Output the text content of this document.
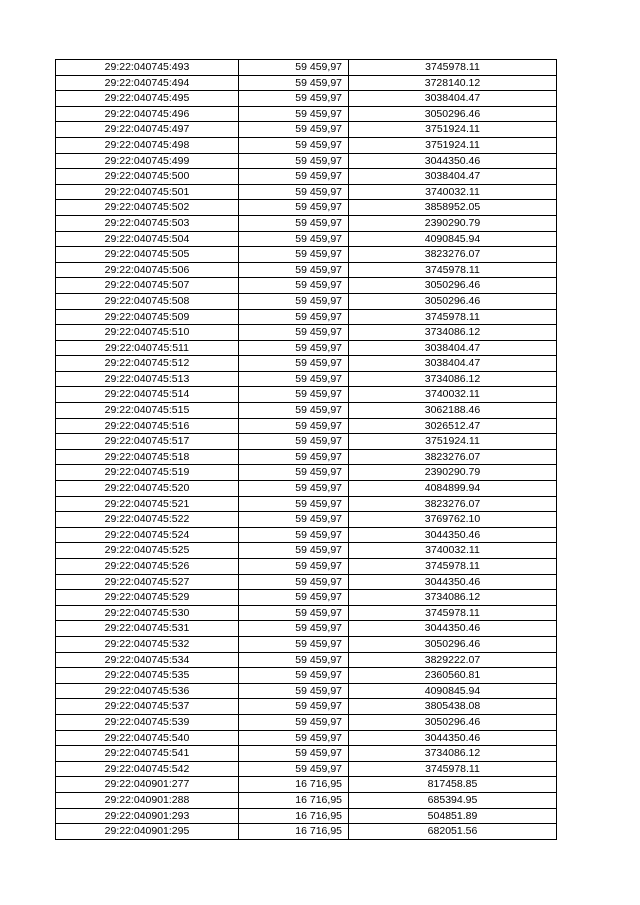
29:22:040745:493	59 459,97	3745978.11
29:22:040745:494	59 459,97	3728140.12
29:22:040745:495	59 459,97	3038404.47
29:22:040745:496	59 459,97	3050296.46
29:22:040745:497	59 459,97	3751924.11
29:22:040745:498	59 459,97	3751924.11
29:22:040745:499	59 459,97	3044350.46
29:22:040745:500	59 459,97	3038404.47
29:22:040745:501	59 459,97	3740032.11
29:22:040745:502	59 459,97	3858952.05
29:22:040745:503	59 459,97	2390290.79
29:22:040745:504	59 459,97	4090845.94
29:22:040745:505	59 459,97	3823276.07
29:22:040745:506	59 459,97	3745978.11
29:22:040745:507	59 459,97	3050296.46
29:22:040745:508	59 459,97	3050296.46
29:22:040745:509	59 459,97	3745978.11
29:22:040745:510	59 459,97	3734086.12
29:22:040745:511	59 459,97	3038404.47
29:22:040745:512	59 459,97	3038404.47
29:22:040745:513	59 459,97	3734086.12
29:22:040745:514	59 459,97	3740032.11
29:22:040745:515	59 459,97	3062188.46
29:22:040745:516	59 459,97	3026512.47
29:22:040745:517	59 459,97	3751924.11
29:22:040745:518	59 459,97	3823276.07
29:22:040745:519	59 459,97	2390290.79
29:22:040745:520	59 459,97	4084899.94
29:22:040745:521	59 459,97	3823276.07
29:22:040745:522	59 459,97	3769762.10
29:22:040745:524	59 459,97	3044350.46
29:22:040745:525	59 459,97	3740032.11
29:22:040745:526	59 459,97	3745978.11
29:22:040745:527	59 459,97	3044350.46
29:22:040745:529	59 459,97	3734086.12
29:22:040745:530	59 459,97	3745978.11
29:22:040745:531	59 459,97	3044350.46
29:22:040745:532	59 459,97	3050296.46
29:22:040745:534	59 459,97	3829222.07
29:22:040745:535	59 459,97	2360560.81
29:22:040745:536	59 459,97	4090845.94
29:22:040745:537	59 459,97	3805438.08
29:22:040745:539	59 459,97	3050296.46
29:22:040745:540	59 459,97	3044350.46
29:22:040745:541	59 459,97	3734086.12
29:22:040745:542	59 459,97	3745978.11
29:22:040901:277	16 716,95	817458.85
29:22:040901:288	16 716,95	685394.95
29:22:040901:293	16 716,95	504851.89
29:22:040901:295	16 716,95	682051.56
